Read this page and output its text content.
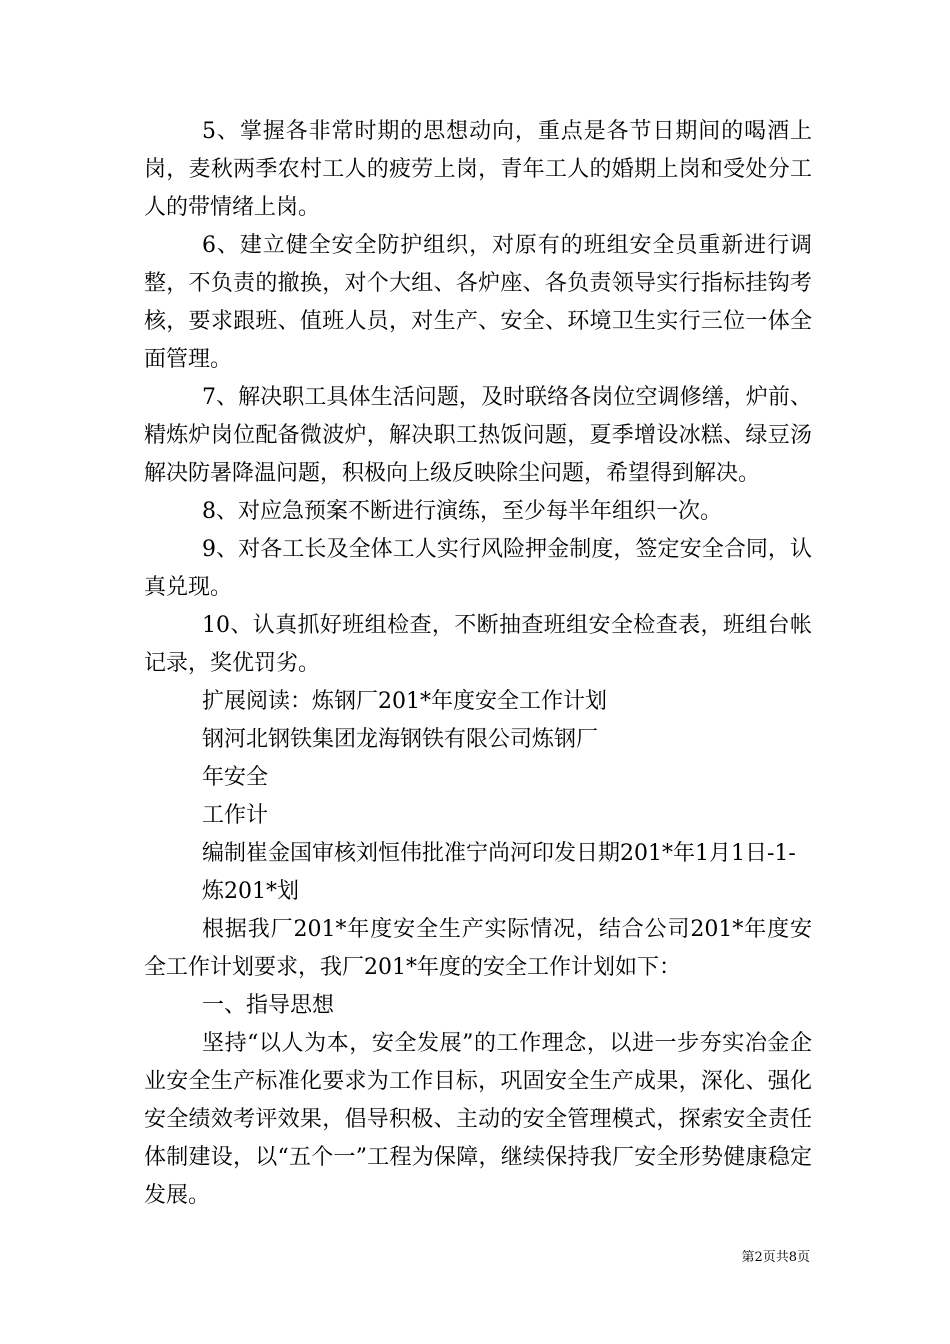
5、掌握各非常时期的思想动向，重点是各节日期间的喝酒上岗，麦秋两季农村工人的疲劳上岗，青年工人的婚期上岗和受处分工人的带情绪上岗。

6、建立健全安全防护组织，对原有的班组安全员重新进行调整，不负责的撤换，对个大组、各炉座、各负责领导实行指标挂钩考核，要求跟班、值班人员，对生产、安全、环境卫生实行三位一体全面管理。

7、解决职工具体生活问题，及时联络各岗位空调修缮，炉前、精炼炉岗位配备微波炉，解决职工热饭问题，夏季增设冰糕、绿豆汤解决防暑降温问题，积极向上级反映除尘问题，希望得到解决。

8、对应急预案不断进行演练，至少每半年组织一次。

9、对各工长及全体工人实行风险押金制度，签定安全合同，认真兑现。

10、认真抓好班组检查，不断抽查班组安全检查表，班组台帐记录，奖优罚劣。

扩展阅读：炼钢厂201*年度安全工作计划

钢河北钢铁集团龙海钢铁有限公司炼钢厂

年安全

工作计

编制崔金国审核刘恒伟批准宁尚河印发日期201*年1月1日-1-

炼201*划

根据我厂201*年度安全生产实际情况，结合公司201*年度安全工作计划要求，我厂201*年度的安全工作计划如下：

一、指导思想

坚持“以人为本，安全发展”的工作理念，以进一步夯实冶金企业安全生产标准化要求为工作目标，巩固安全生产成果，深化、强化安全绩效考评效果，倡导积极、主动的安全管理模式，探索安全责任体制建设，以“五个一”工程为保障，继续保持我厂安全形势健康稳定发展。

第2页共8页
